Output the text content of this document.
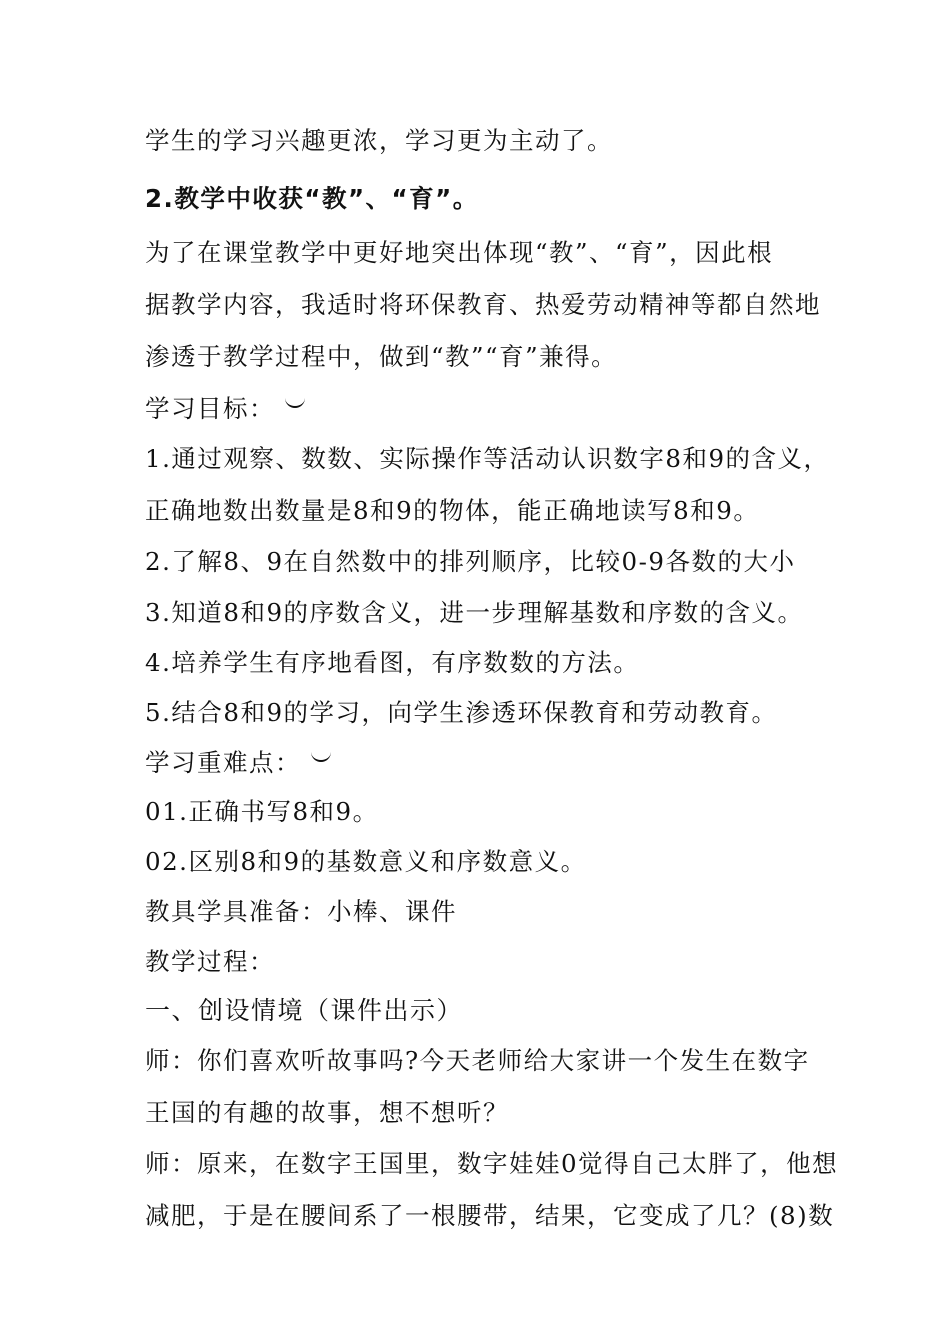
学生的学习兴趣更浓，学习更为主动了。
2.教学中收获“教”、“育”。
为了在课堂教学中更好地突出体现“教”、“育”，因此根
据教学内容，我适时将环保教育、热爱劳动精神等都自然地
渗透于教学过程中，做到“教”“育”兼得。
学习目标：
1.通过观察、数数、实际操作等活动认识数字8和9的含义，
正确地数出数量是8和9的物体，能正确地读写8和9。
2.了解8、9在自然数中的排列顺序，比较0-9各数的大小
3.知道8和9的序数含义，进一步理解基数和序数的含义。
4.培养学生有序地看图，有序数数的方法。
5.结合8和9的学习，向学生渗透环保教育和劳动教育。
学习重难点：
01.正确书写8和9。
02.区别8和9的基数意义和序数意义。
教具学具准备：小棒、课件
教学过程：
一、创设情境（课件出示）
师：你们喜欢听故事吗?今天老师给大家讲一个发生在数字
王国的有趣的故事，想不想听？
师：原来，在数字王国里，数字娃娃0觉得自己太胖了，他想
减肥，于是在腰间系了一根腰带，结果，它变成了几？(8)数
